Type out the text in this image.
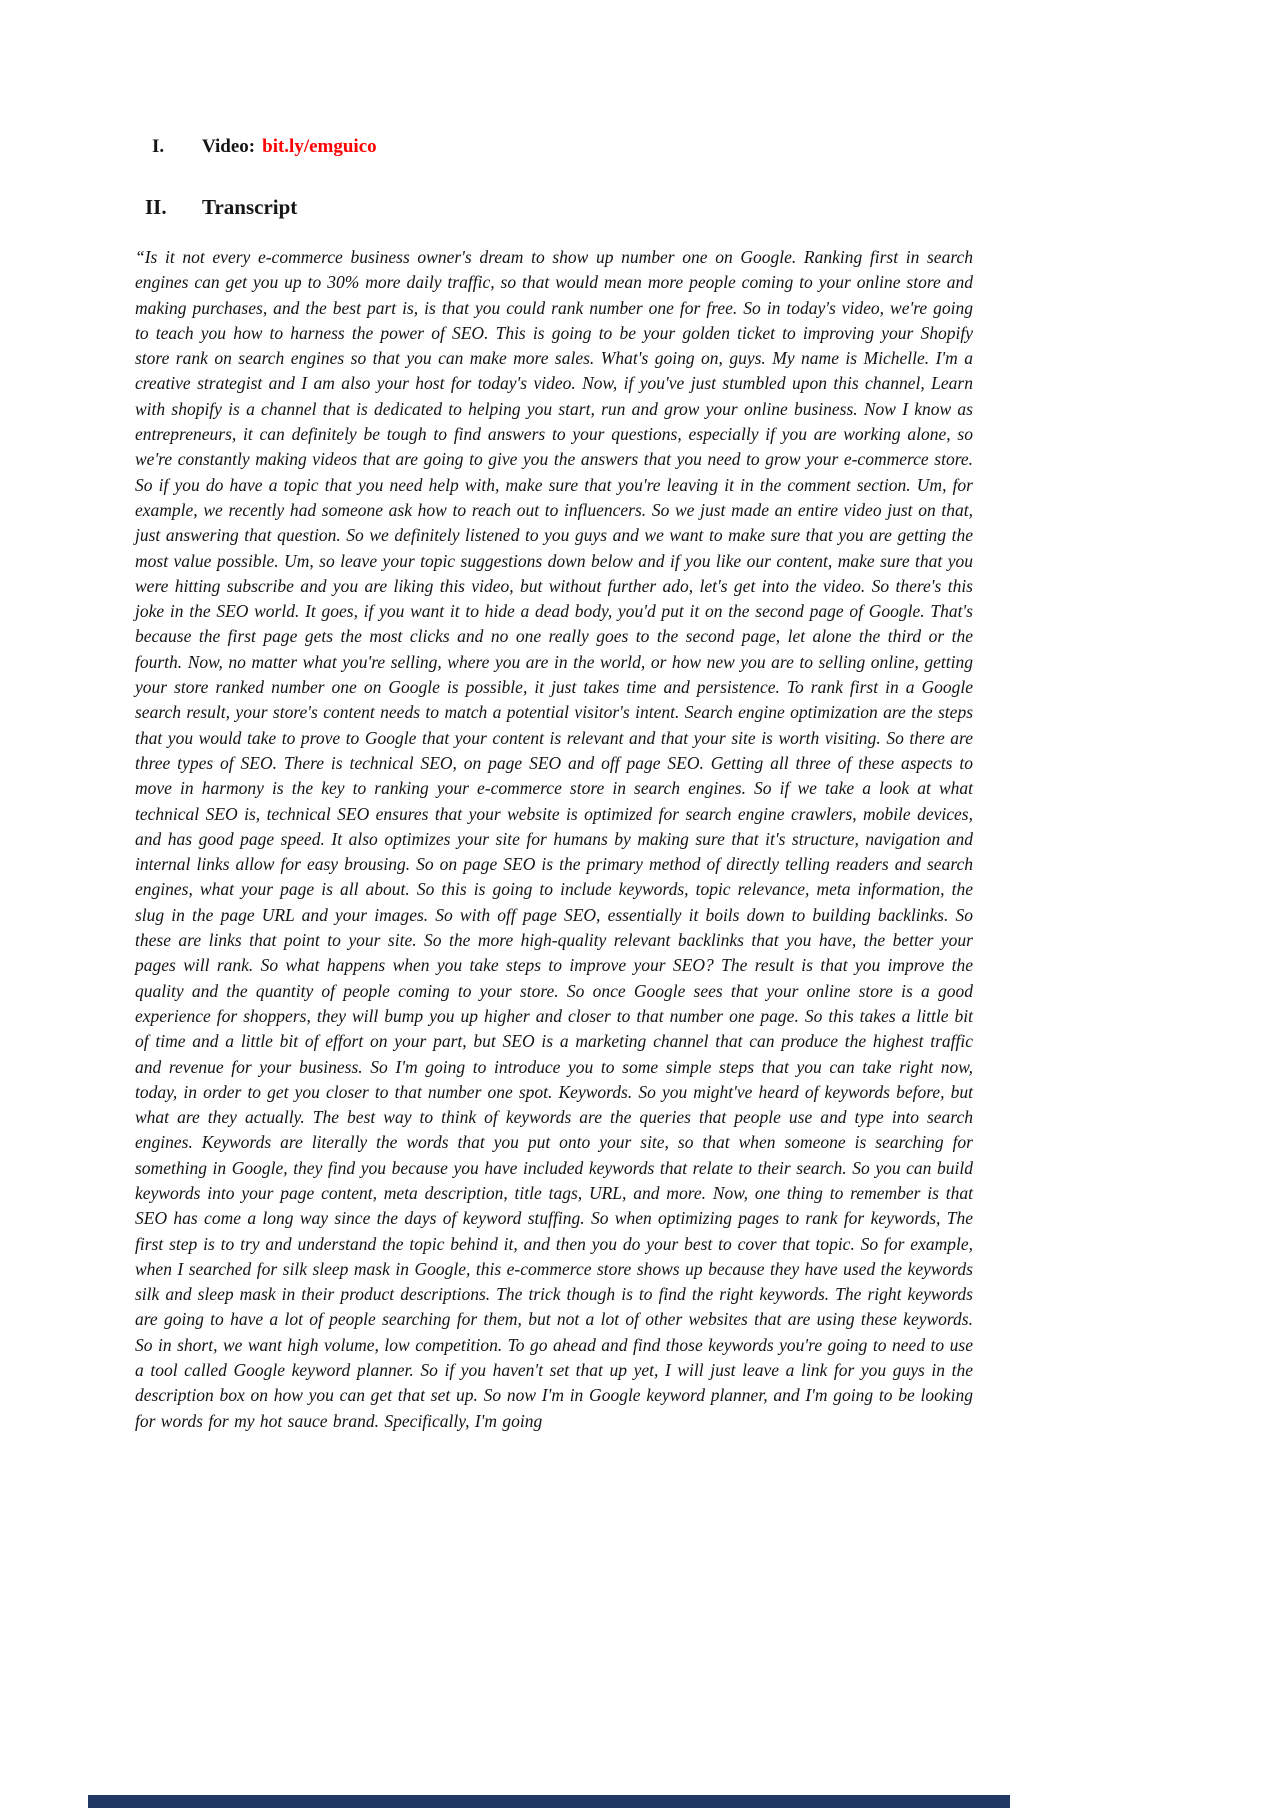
I.	Video: bit.ly/emguico
II.	Transcript

“Is it not every e-commerce business owner's dream to show up number one on Google. Ranking first in search engines can get you up to 30% more daily traffic, so that would mean more people coming to your online store and making purchases, and the best part is, is that you could rank number one for free. So in today's video, we're going to teach you how to harness the power of SEO. This is going to be your golden ticket to improving your Shopify store rank on search engines so that you can make more sales. What's going on, guys. My name is Michelle. I'm a creative strategist and I am also your host for today's video. Now, if you've just stumbled upon this channel, Learn with shopify is a channel that is dedicated to helping you start, run and grow your online business. Now I know as entrepreneurs, it can definitely be tough to find answers to your questions, especially if you are working alone, so we're constantly making videos that are going to give you the answers that you need to grow your e-commerce store. So if you do have a topic that you need help with, make sure that you're leaving it in the comment section. Um, for example, we recently had someone ask how to reach out to influencers. So we just made an entire video just on that, just answering that question. So we definitely listened to you guys and we want to make sure that you are getting the most value possible. Um, so leave your topic suggestions down below and if you like our content, make sure that you were hitting subscribe and you are liking this video, but without further ado, let's get into the video. So there's this joke in the SEO world. It goes, if you want it to hide a dead body, you'd put it on the second page of Google. That's because the first page gets the most clicks and no one really goes to the second page, let alone the third or the fourth. Now, no matter what you're selling, where you are in the world, or how new you are to selling online, getting your store ranked number one on Google is possible, it just takes time and persistence. To rank first in a Google search result, your store's content needs to match a potential visitor's intent. Search engine optimization are the steps that you would take to prove to Google that your content is relevant and that your site is worth visiting. So there are three types of SEO. There is technical SEO, on page SEO and off page SEO. Getting all three of these aspects to move in harmony is the key to ranking your e-commerce store in search engines. So if we take a look at what technical SEO is, technical SEO ensures that your website is optimized for search engine crawlers, mobile devices, and has good page speed. It also optimizes your site for humans by making sure that it's structure, navigation and internal links allow for easy brousing. So on page SEO is the primary method of directly telling readers and search engines, what your page is all about. So this is going to include keywords, topic relevance, meta information, the slug in the page URL and your images. So with off page SEO, essentially it boils down to building backlinks. So these are links that point to your site. So the more high-quality relevant backlinks that you have, the better your pages will rank. So what happens when you take steps to improve your SEO? The result is that you improve the quality and the quantity of people coming to your store. So once Google sees that your online store is a good experience for shoppers, they will bump you up higher and closer to that number one page. So this takes a little bit of time and a little bit of effort on your part, but SEO is a marketing channel that can produce the highest traffic and revenue for your business. So I'm going to introduce you to some simple steps that you can take right now, today, in order to get you closer to that number one spot. Keywords. So you might've heard of keywords before, but what are they actually. The best way to think of keywords are the queries that people use and type into search engines. Keywords are literally the words that you put onto your site, so that when someone is searching for something in Google, they find you because you have included keywords that relate to their search. So you can build keywords into your page content, meta description, title tags, URL, and more. Now, one thing to remember is that SEO has come a long way since the days of keyword stuffing. So when optimizing pages to rank for keywords, The first step is to try and understand the topic behind it, and then you do your best to cover that topic. So for example, when I searched for silk sleep mask in Google, this e-commerce store shows up because they have used the keywords silk and sleep mask in their product descriptions. The trick though is to find the right keywords. The right keywords are going to have a lot of people searching for them, but not a lot of other websites that are using these keywords. So in short, we want high volume, low competition. To go ahead and find those keywords you're going to need to use a tool called Google keyword planner. So if you haven't set that up yet, I will just leave a link for you guys in the description box on how you can get that set up. So now I'm in Google keyword planner, and I'm going to be looking for words for my hot sauce brand. Specifically, I'm going
